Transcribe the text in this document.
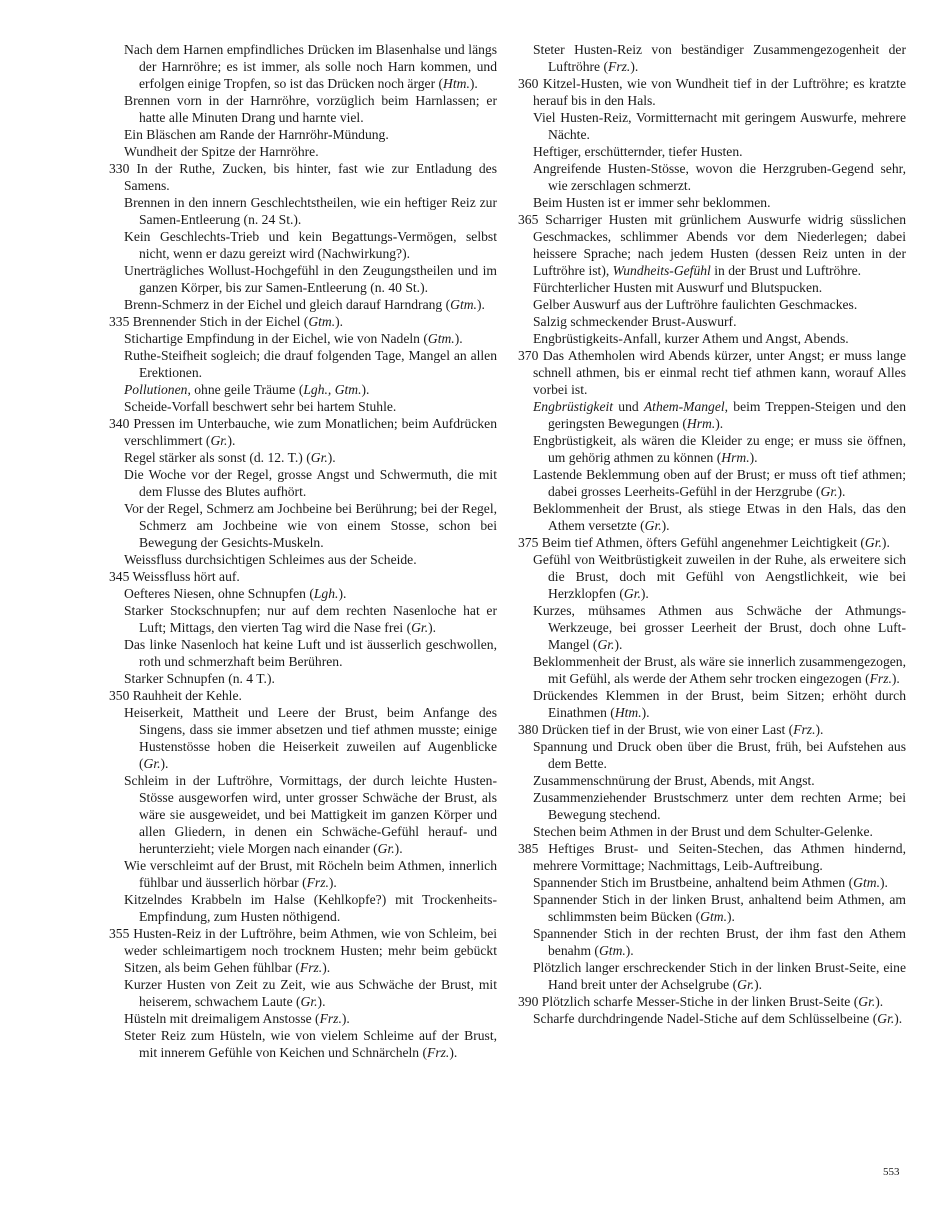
Nach dem Harnen empfindliches Drücken im Blasenhalse und längs der Harnröhre; es ist immer, als solle noch Harn kommen, und erfolgen einige Tropfen, so ist das Drücken noch ärger (Htm.).

Brennen vorn in der Harnröhre, vorzüglich beim Harnlassen; er hatte alle Minuten Drang und harnte viel.

Ein Bläschen am Rande der Harnröhr-Mündung.

Wundheit der Spitze der Harnröhre.

330 In der Ruthe, Zucken, bis hinter, fast wie zur Entladung des Samens.

Brennen in den innern Geschlechtstheilen, wie ein heftiger Reiz zur Samen-Entleerung (n. 24 St.).

Kein Geschlechts-Trieb und kein Begattungs-Vermögen, selbst nicht, wenn er dazu gereizt wird (Nachwirkung?).

Unerträgliches Wollust-Hochgefühl in den Zeugungstheilen und im ganzen Körper, bis zur Samen-Entleerung (n. 40 St.).

Brenn-Schmerz in der Eichel und gleich darauf Harndrang (Gtm.).

335 Brennender Stich in der Eichel (Gtm.).

Stichartige Empfindung in der Eichel, wie von Nadeln (Gtm.).

Ruthe-Steifheit sogleich; die drauf folgenden Tage, Mangel an allen Erektionen.

Pollutionen, ohne geile Träume (Lgh., Gtm.).

Scheide-Vorfall beschwert sehr bei hartem Stuhle.

340 Pressen im Unterbauche, wie zum Monatlichen; beim Aufdrücken verschlimmert (Gr.).

Regel stärker als sonst (d. 12. T.) (Gr.).

Die Woche vor der Regel, grosse Angst und Schwermuth, die mit dem Flusse des Blutes aufhört.

Vor der Regel, Schmerz am Jochbeine bei Berührung; bei der Regel, Schmerz am Jochbeine wie von einem Stosse, schon bei Bewegung der Gesichts-Muskeln.

Weissfluss durchsichtigen Schleimes aus der Scheide.

345 Weissfluss hört auf.

Oefteres Niesen, ohne Schnupfen (Lgh.).

Starker Stockschnupfen; nur auf dem rechten Nasenloche hat er Luft; Mittags, den vierten Tag wird die Nase frei (Gr.).

Das linke Nasenloch hat keine Luft und ist äusserlich geschwollen, roth und schmerzhaft beim Berühren.

Starker Schnupfen (n. 4 T.).

350 Rauhheit der Kehle.

Heiserkeit, Mattheit und Leere der Brust, beim Anfange des Singens, dass sie immer absetzen und tief athmen musste; einige Hustenstösse hoben die Heiserkeit zuweilen auf Augenblicke (Gr.).

Schleim in der Luftröhre, Vormittags, der durch leichte Husten-Stösse ausgeworfen wird, unter grosser Schwäche der Brust, als wäre sie ausgeweidet, und bei Mattigkeit im ganzen Körper und allen Gliedern, in denen ein Schwäche-Gefühl herauf- und herunterzieht; viele Morgen nach einander (Gr.).

Wie verschleimt auf der Brust, mit Röcheln beim Athmen, innerlich fühlbar und äusserlich hörbar (Frz.).

Kitzelndes Krabbeln im Halse (Kehlkopfe?) mit Trockenheits-Empfindung, zum Husten nöthigend.

355 Husten-Reiz in der Luftröhre, beim Athmen, wie von Schleim, bei weder schleimartigem noch trocknem Husten; mehr beim gebückt Sitzen, als beim Gehen fühlbar (Frz.).

Kurzer Husten von Zeit zu Zeit, wie aus Schwäche der Brust, mit heiserem, schwachem Laute (Gr.).

Hüsteln mit dreimaligem Anstosse (Frz.).

Steter Reiz zum Hüsteln, wie von vielem Schleime auf der Brust, mit innerem Gefühle von Keichen und Schnärcheln (Frz.).

Steter Husten-Reiz von beständiger Zusammengezogenheit der Luftröhre (Frz.).

360 Kitzel-Husten, wie von Wundheit tief in der Luftröhre; es kratzte herauf bis in den Hals.

Viel Husten-Reiz, Vormitternacht mit geringem Auswurfe, mehrere Nächte.

Heftiger, erschütternder, tiefer Husten.

Angreifende Husten-Stösse, wovon die Herzgruben-Gegend sehr, wie zerschlagen schmerzt.

Beim Husten ist er immer sehr beklommen.

365 Scharriger Husten mit grünlichem Auswurfe widrig süsslichen Geschmackes, schlimmer Abends vor dem Niederlegen; dabei heissere Sprache; nach jedem Husten (dessen Reiz unten in der Luftröhre ist), Wundheits-Gefühl in der Brust und Luftröhre.

Fürchterlicher Husten mit Auswurf und Blutspucken.

Gelber Auswurf aus der Luftröhre faulichten Geschmackes.

Salzig schmeckender Brust-Auswurf.

Engbrüstigkeits-Anfall, kurzer Athem und Angst, Abends.

370 Das Athemholen wird Abends kürzer, unter Angst; er muss lange schnell athmen, bis er einmal recht tief athmen kann, worauf Alles vorbei ist.

Engbrüstigkeit und Athem-Mangel, beim Treppen-Steigen und den geringsten Bewegungen (Hrm.).

Engbrüstigkeit, als wären die Kleider zu enge; er muss sie öffnen, um gehörig athmen zu können (Hrm.).

Lastende Beklemmung oben auf der Brust; er muss oft tief athmen; dabei grosses Leerheits-Gefühl in der Herzgrube (Gr.).

Beklommenheit der Brust, als stiege Etwas in den Hals, das den Athem versetzte (Gr.).

375 Beim tief Athmen, öfters Gefühl angenehmer Leichtigkeit (Gr.).

Gefühl von Weitbrüstigkeit zuweilen in der Ruhe, als erweitere sich die Brust, doch mit Gefühl von Aengstlichkeit, wie bei Herzklopfen (Gr.).

Kurzes, mühsames Athmen aus Schwäche der Athmungs-Werkzeuge, bei grosser Leerheit der Brust, doch ohne Luft-Mangel (Gr.).

Beklommenheit der Brust, als wäre sie innerlich zusammengezogen, mit Gefühl, als werde der Athem sehr trocken eingezogen (Frz.).

Drückendes Klemmen in der Brust, beim Sitzen; erhöht durch Einathmen (Htm.).

380 Drücken tief in der Brust, wie von einer Last (Frz.).

Spannung und Druck oben über die Brust, früh, bei Aufstehen aus dem Bette.

Zusammenschnürung der Brust, Abends, mit Angst.

Zusammenziehender Brustschmerz unter dem rechten Arme; bei Bewegung stechend.

Stechen beim Athmen in der Brust und dem Schulter-Gelenke.

385 Heftiges Brust- und Seiten-Stechen, das Athmen hindernd, mehrere Vormittage; Nachmittags, Leib-Auftreibung.

Spannender Stich im Brustbeine, anhaltend beim Athmen (Gtm.).

Spannender Stich in der linken Brust, anhaltend beim Athmen, am schlimmsten beim Bücken (Gtm.).

Spannender Stich in der rechten Brust, der ihm fast den Athem benahm (Gtm.).

Plötzlich langer erschreckender Stich in der linken Brust-Seite, eine Hand breit unter der Achselgrube (Gr.).

390 Plötzlich scharfe Messer-Stiche in der linken Brust-Seite (Gr.).

Scharfe durchdringende Nadel-Stiche auf dem Schlüsselbeine (Gr.).

553
